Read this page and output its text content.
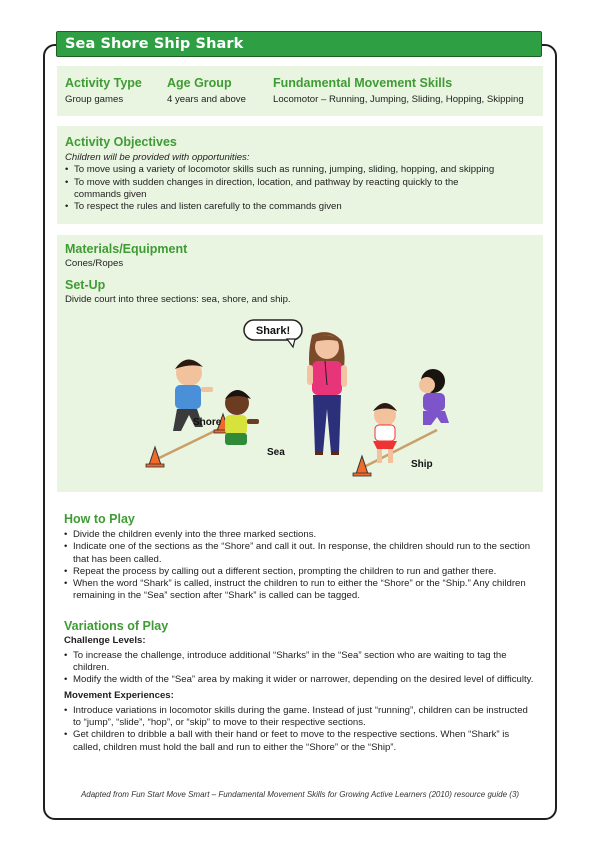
Sea Shore Ship Shark
Activity Type
Group games
Age Group
4 years and above
Fundamental Movement Skills
Locomotor – Running, Jumping, Sliding, Hopping, Skipping
Activity Objectives
Children will be provided with opportunities:
• To move using a variety of locomotor skills such as running, jumping, sliding, hopping, and skipping
• To move with sudden changes in direction, location, and pathway by reacting quickly to the commands given
• To respect the rules and listen carefully to the commands given
Materials/Equipment
Cones/Ropes
Set-Up
Divide court into three sections: sea, shore, and ship.
Shark!
Shore
Sea
Ship
How to Play
• Divide the children evenly into the three marked sections.
• Indicate one of the sections as the “Shore” and call it out. In response, the children should run to the section that has been called.
• Repeat the process by calling out a different section, prompting the children to run and gather there.
• When the word “Shark” is called, instruct the children to run to either the “Shore” or the “Ship.” Any children remaining in the “Sea” section after “Shark” is called can be tagged.
Variations of Play
Challenge Levels:
• To increase the challenge, introduce additional “Sharks” in the “Sea” section who are waiting to tag the children.
• Modify the width of the “Sea” area by making it wider or narrower, depending on the desired level of difficulty.
Movement Experiences:
• Introduce variations in locomotor skills during the game. Instead of just “running”, children can be instructed to “jump”, “slide”, “hop”, or “skip” to move to their respective sections.
• Get children to dribble a ball with their hand or feet to move to the respective sections. When “Shark” is called, children must hold the ball and run to either the “Shore” or the “Ship”.
Adapted from Fun Start Move Smart – Fundamental Movement Skills for Growing Active Learners (2010) resource guide (3)
